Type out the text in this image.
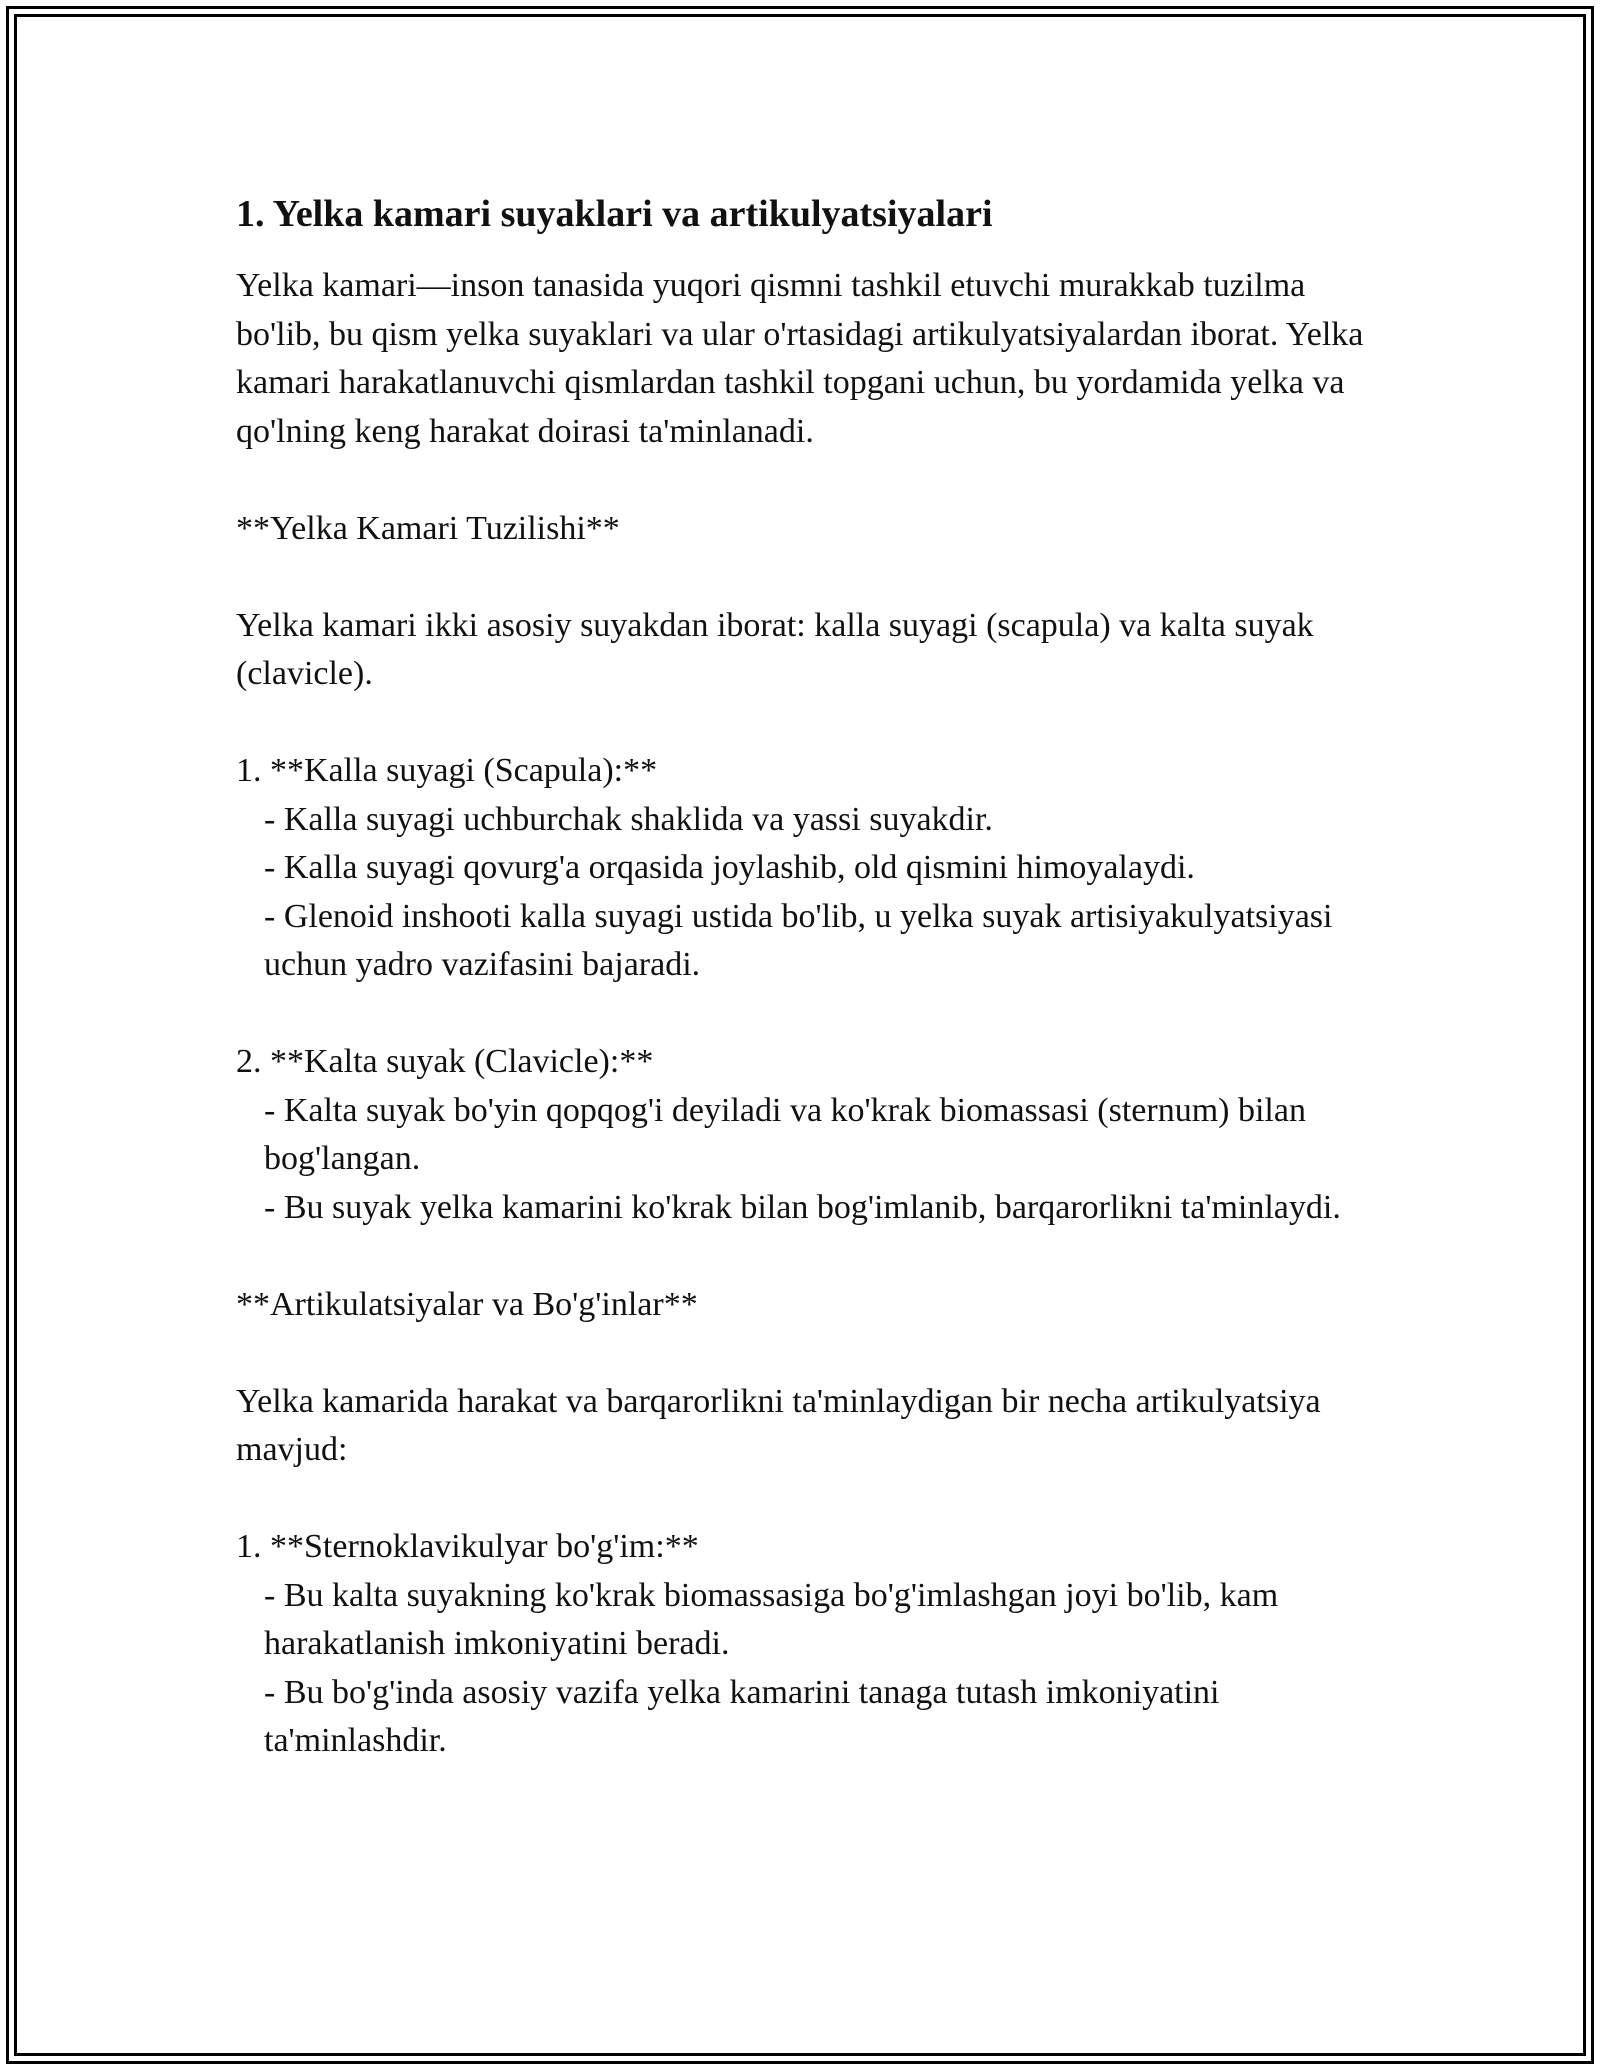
1. Yelka kamari suyaklari va artikulyatsiyalari

Yelka kamari—inson tanasida yuqori qismni tashkil etuvchi murakkab tuzilma bo'lib, bu qism yelka suyaklari va ular o'rtasidagi artikulyatsiyalardan iborat. Yelka kamari harakatlanuvchi qismlardan tashkil topgani uchun, bu yordamida yelka va qo'lning keng harakat doirasi ta'minlanadi.

**Yelka Kamari Tuzilishi**

Yelka kamari ikki asosiy suyakdan iborat: kalla suyagi (scapula) va kalta suyak (clavicle).

1. **Kalla suyagi (Scapula):**
- Kalla suyagi uchburchak shaklida va yassi suyakdir.
- Kalla suyagi qovurg'a orqasida joylashib, old qismini himoyalaydi.
- Glenoid inshooti kalla suyagi ustida bo'lib, u yelka suyak artisiyakulyatsiyasi uchun yadro vazifasini bajaradi.
2. **Kalta suyak (Clavicle):**
- Kalta suyak bo'yin qopqog'i deyiladi va ko'krak biomassasi (sternum) bilan bog'langan.
- Bu suyak yelka kamarini ko'krak bilan bog'imlanib, barqarorlikni ta'minlaydi.

**Artikulatsiyalar va Bo'g'inlar**

Yelka kamarida harakat va barqarorlikni ta'minlaydigan bir necha artikulyatsiya mavjud:

1. **Sternoklavikulyar bo'g'im:**
- Bu kalta suyakning ko'krak biomassasiga bo'g'imlashgan joyi bo'lib, kam harakatlanish imkoniyatini beradi.
- Bu bo'g'inda asosiy vazifa yelka kamarini tanaga tutash imkoniyatini ta'minlashdir.
